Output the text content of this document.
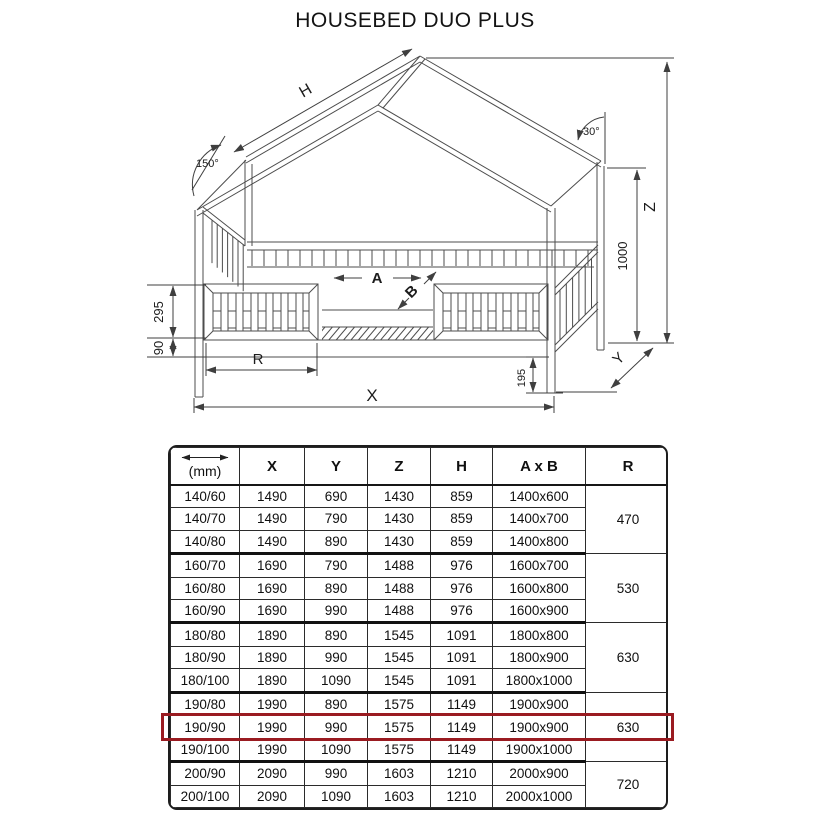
HOUSEBED DUO PLUS
H
150°
30°
Z
1000
Y
X
295
90
R
195
A
B
(mm)	X	Y	Z	H	A x B	R
140/60	1490	690	1430	859	1400x600	470
140/70	1490	790	1430	859	1400x700	
140/80	1490	890	1430	859	1400x800	
160/70	1690	790	1488	976	1600x700	530
160/80	1690	890	1488	976	1600x800	
160/90	1690	990	1488	976	1600x900	
180/80	1890	890	1545	1091	1800x800	630
180/90	1890	990	1545	1091	1800x900	
180/100	1890	1090	1545	1091	1800x1000	
190/80	1990	890	1575	1149	1900x900	630
190/90	1990	990	1575	1149	1900x900	
190/100	1990	1090	1575	1149	1900x1000	
200/90	2090	990	1603	1210	2000x900	720
200/100	2090	1090	1603	1210	2000x1000	
